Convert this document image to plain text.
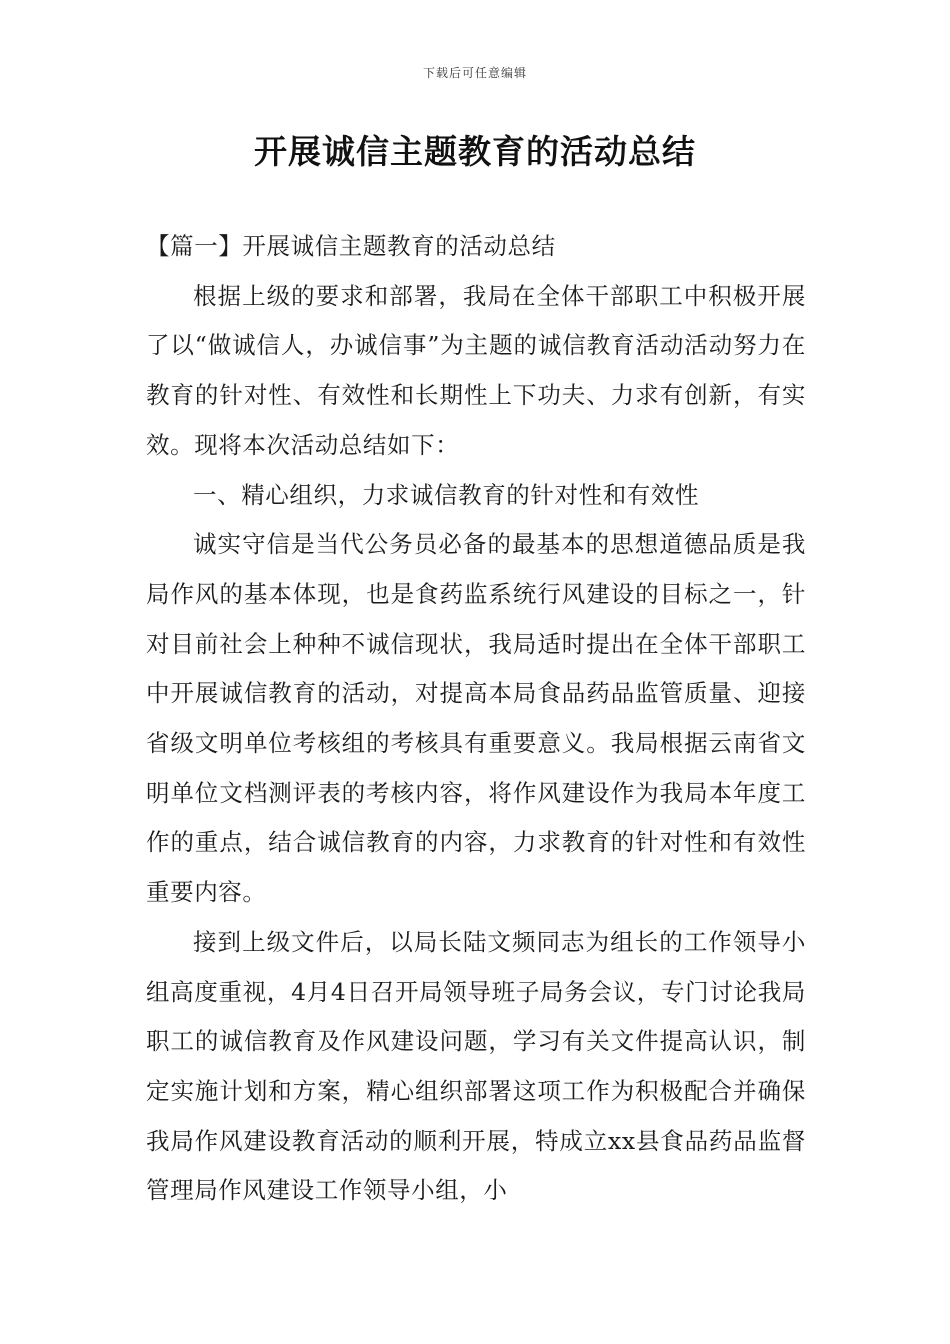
下载后可任意编辑
开展诚信主题教育的活动总结

【篇一】开展诚信主题教育的活动总结

根据上级的要求和部署，我局在全体干部职工中积极开展了以“做诚信人，办诚信事”为主题的诚信教育活动活动努力在教育的针对性、有效性和长期性上下功夫、力求有创新，有实效。现将本次活动总结如下：

一、精心组织，力求诚信教育的针对性和有效性

诚实守信是当代公务员必备的最基本的思想道德品质是我局作风的基本体现，也是食药监系统行风建设的目标之一，针对目前社会上种种不诚信现状，我局适时提出在全体干部职工中开展诚信教育的活动，对提高本局食品药品监管质量、迎接省级文明单位考核组的考核具有重要意义。我局根据云南省文明单位文档测评表的考核内容，将作风建设作为我局本年度工作的重点，结合诚信教育的内容，力求教育的针对性和有效性重要内容。

接到上级文件后，以局长陆文频同志为组长的工作领导小组高度重视，4月4日召开局领导班子局务会议，专门讨论我局职工的诚信教育及作风建设问题，学习有关文件提高认识，制定实施计划和方案，精心组织部署这项工作为积极配合并确保我局作风建设教育活动的顺利开展，特成立xx县食品药品监督管理局作风建设工作领导小组，小
